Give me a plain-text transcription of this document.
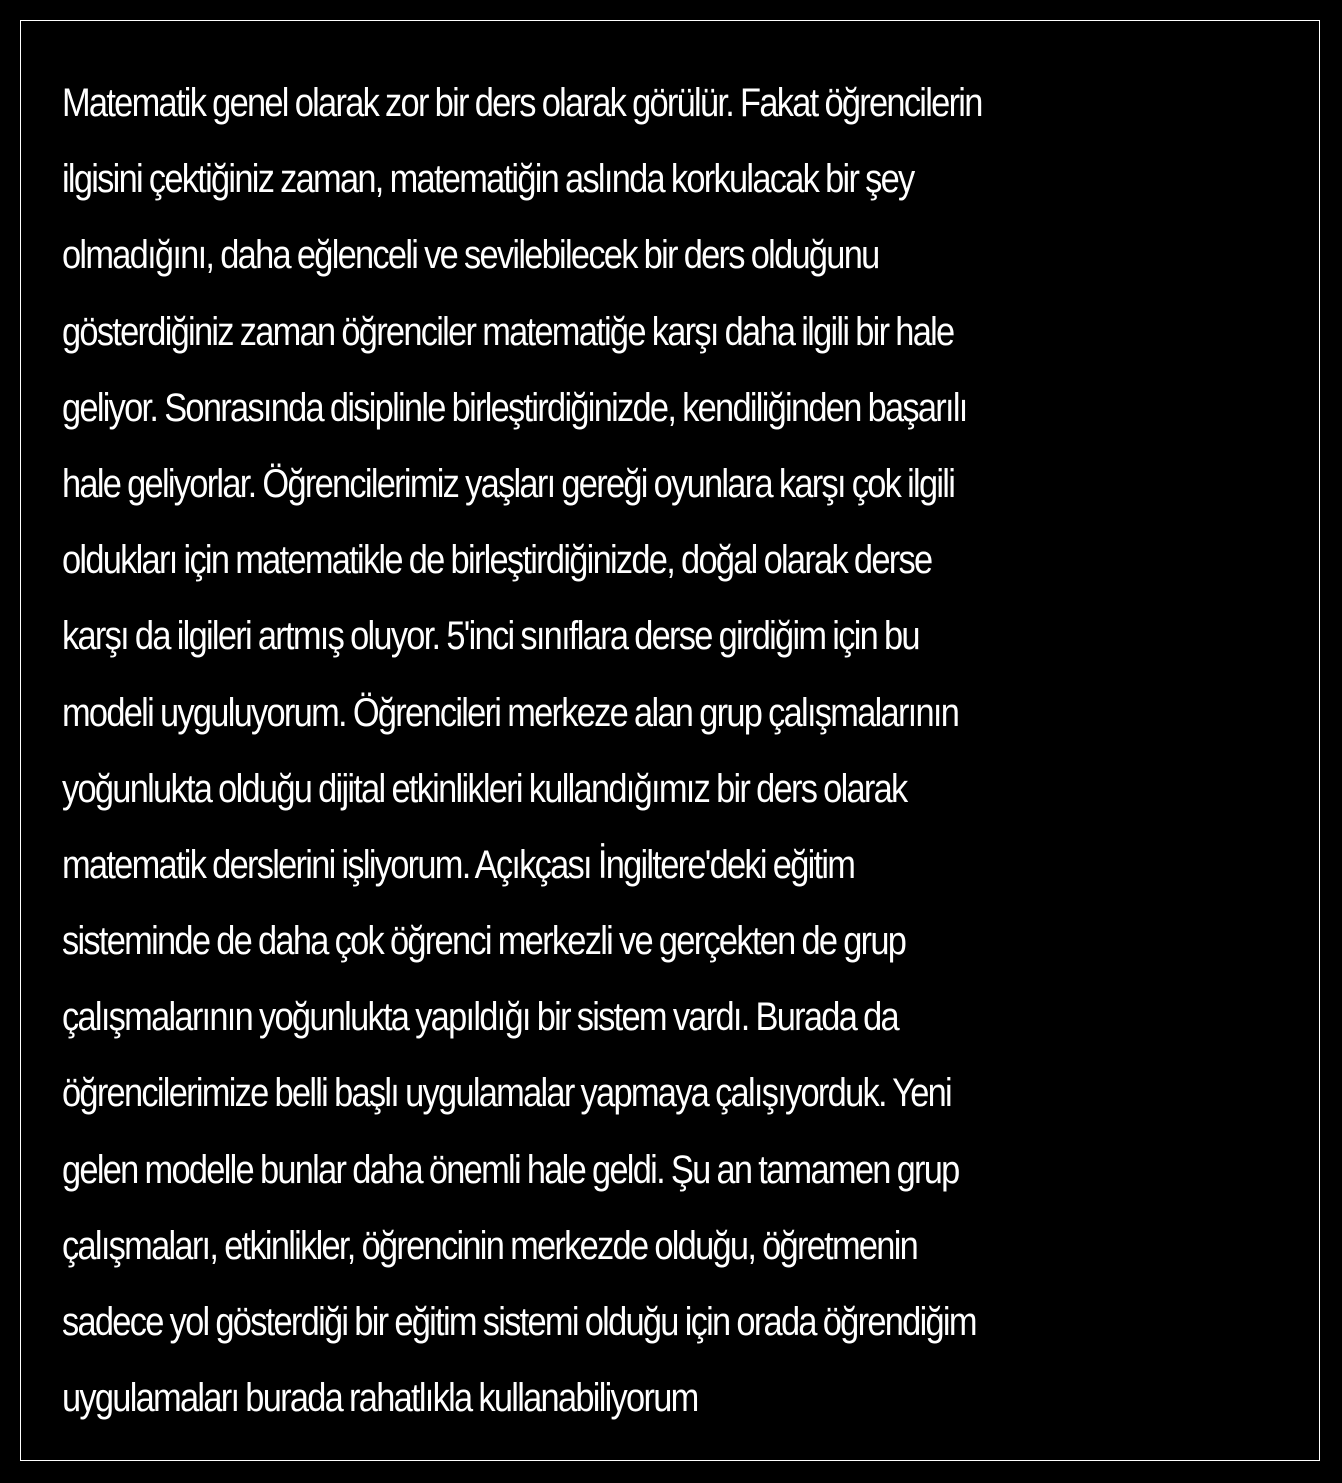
Matematik genel olarak zor bir ders olarak görülür. Fakat öğrencilerin
ilgisini çektiğiniz zaman, matematiğin aslında korkulacak bir şey
olmadığını, daha eğlenceli ve sevilebilecek bir ders olduğunu
gösterdiğiniz zaman öğrenciler matematiğe karşı daha ilgili bir hale
geliyor. Sonrasında disiplinle birleştirdiğinizde, kendiliğinden başarılı
hale geliyorlar. Öğrencilerimiz yaşları gereği oyunlara karşı çok ilgili
oldukları için matematikle de birleştirdiğinizde, doğal olarak derse
karşı da ilgileri artmış oluyor. 5'inci sınıflara derse girdiğim için bu
modeli uyguluyorum. Öğrencileri merkeze alan grup çalışmalarının
yoğunlukta olduğu dijital etkinlikleri kullandığımız bir ders olarak
matematik derslerini işliyorum. Açıkçası İngiltere'deki eğitim
sisteminde de daha çok öğrenci merkezli ve gerçekten de grup
çalışmalarının yoğunlukta yapıldığı bir sistem vardı. Burada da
öğrencilerimize belli başlı uygulamalar yapmaya çalışıyorduk. Yeni
gelen modelle bunlar daha önemli hale geldi. Şu an tamamen grup
çalışmaları, etkinlikler, öğrencinin merkezde olduğu, öğretmenin
sadece yol gösterdiği bir eğitim sistemi olduğu için orada öğrendiğim
uygulamaları burada rahatlıkla kullanabiliyorum
